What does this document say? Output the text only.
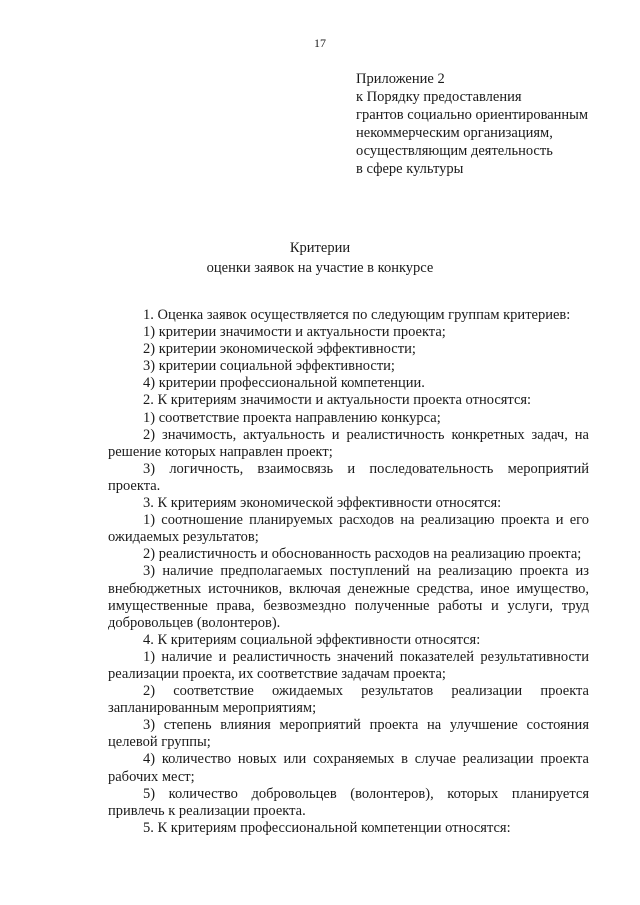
17
Приложение 2
к Порядку предоставления
грантов социально ориентированным
некоммерческим организациям,
осуществляющим деятельность
в сфере культуры
Критерии
оценки заявок на участие в конкурсе

1. Оценка заявок осуществляется по следующим группам критериев:

1) критерии значимости и актуальности проекта;

2) критерии экономической эффективности;

3) критерии социальной эффективности;

4) критерии профессиональной компетенции.

2. К критериям значимости и актуальности проекта относятся:

1) соответствие проекта направлению конкурса;

2) значимость, актуальность и реалистичность конкретных задач, на решение которых направлен проект;

3) логичность, взаимосвязь и последовательность мероприятий проекта.

3. К критериям экономической эффективности относятся:

1) соотношение планируемых расходов на реализацию проекта и его ожидаемых результатов;

2) реалистичность и обоснованность расходов на реализацию проекта;

3) наличие предполагаемых поступлений на реализацию проекта из внебюджетных источников, включая денежные средства, иное имущество, имущественные права, безвозмездно полученные работы и услуги, труд добровольцев (волонтеров).

4. К критериям социальной эффективности относятся:

1) наличие и реалистичность значений показателей результативности реализации проекта, их соответствие задачам проекта;

2) соответствие ожидаемых результатов реализации проекта запланированным мероприятиям;

3) степень влияния мероприятий проекта на улучшение состояния целевой группы;

4) количество новых или сохраняемых в случае реализации проекта рабочих мест;

5) количество добровольцев (волонтеров), которых планируется привлечь к реализации проекта.

5. К критериям профессиональной компетенции относятся:
